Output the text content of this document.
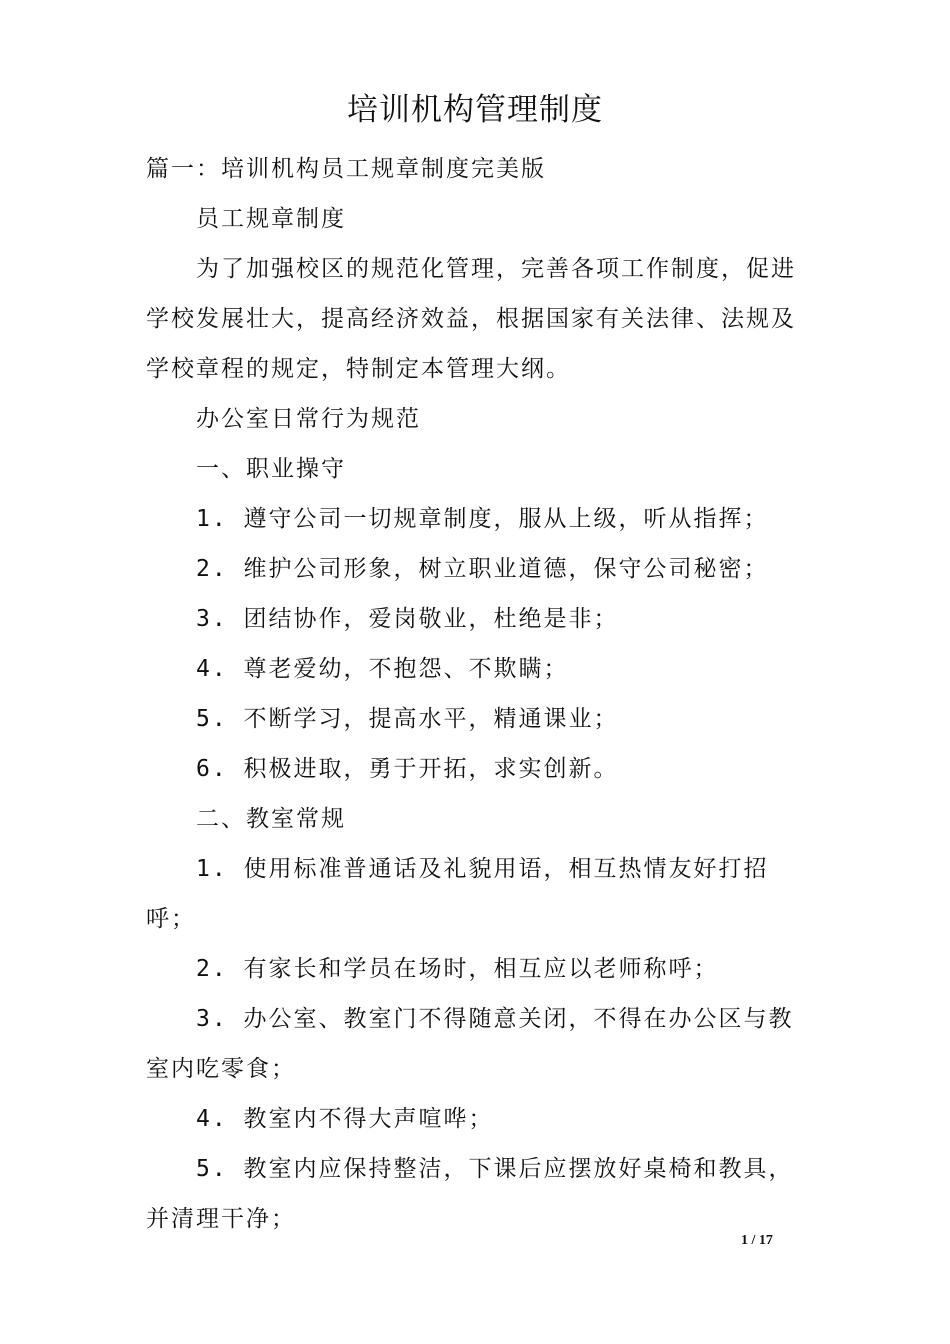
培训机构管理制度

篇一：培训机构员工规章制度完美版

员工规章制度

为了加强校区的规范化管理，完善各项工作制度，促进学校发展壮大，提高经济效益，根据国家有关法律、法规及学校章程的规定，特制定本管理大纲。

办公室日常行为规范

一、职业操守

1. 遵守公司一切规章制度，服从上级，听从指挥；

2. 维护公司形象，树立职业道德，保守公司秘密；

3. 团结协作，爱岗敬业，杜绝是非；

4. 尊老爱幼，不抱怨、不欺瞒；

5. 不断学习，提高水平，精通课业；

6. 积极进取，勇于开拓，求实创新。

二、教室常规

1. 使用标准普通话及礼貌用语，相互热情友好打招呼；

2. 有家长和学员在场时，相互应以老师称呼；

3. 办公室、教室门不得随意关闭，不得在办公区与教室内吃零食；

4. 教室内不得大声喧哗；

5. 教室内应保持整洁，下课后应摆放好桌椅和教具，并清理干净；

1 / 17
